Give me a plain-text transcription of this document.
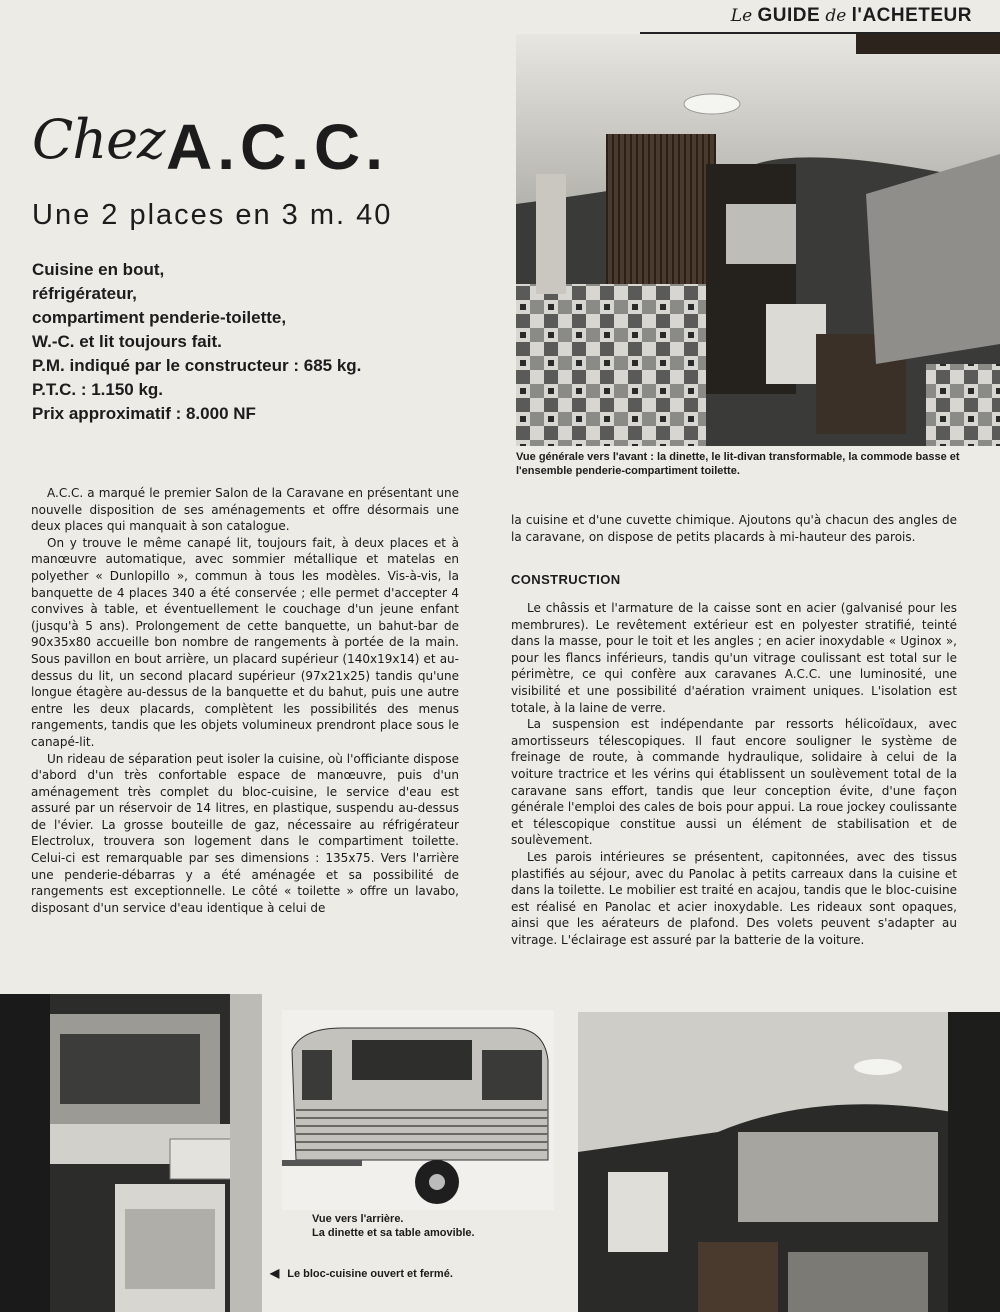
Le GUIDE de l'ACHETEUR
Chez A.C.C.
Une 2 places en 3 m. 40
Cuisine en bout,
réfrigérateur,
compartiment penderie-toilette,
W.-C. et lit toujours fait.
P.M. indiqué par le constructeur : 685 kg.
P.T.C. : 1.150 kg.
Prix approximatif : 8.000 NF
Vue générale vers l'avant : la dinette, le lit-divan transformable, la commode basse et l'ensemble penderie-compartiment toilette.

A.C.C. a marqué le premier Salon de la Caravane en présentant une nouvelle disposition de ses aménagements et offre désormais une deux places qui manquait à son catalogue.

On y trouve le même canapé lit, toujours fait, à deux places et à manœuvre automatique, avec sommier métallique et matelas en polyether « Dunlopillo », commun à tous les modèles. Vis-à-vis, la banquette de 4 places 340 a été conservée ; elle permet d'accepter 4 convives à table, et éventuellement le couchage d'un jeune enfant (jusqu'à 5 ans). Prolongement de cette banquette, un bahut-bar de 90x35x80 accueille bon nombre de rangements à portée de la main. Sous pavillon en bout arrière, un placard supérieur (140x19x14) et au-dessus du lit, un second placard supérieur (97x21x25) tandis qu'une longue étagère au-dessus de la banquette et du bahut, puis une autre entre les deux placards, complètent les possibilités des menus rangements, tandis que les objets volumineux prendront place sous le canapé-lit.

Un rideau de séparation peut isoler la cuisine, où l'officiante dispose d'abord d'un très confortable espace de manœuvre, puis d'un aménagement très complet du bloc-cuisine, le service d'eau est assuré par un réservoir de 14 litres, en plastique, suspendu au-dessus de l'évier. La grosse bouteille de gaz, nécessaire au réfrigérateur Electrolux, trouvera son logement dans le compartiment toilette. Celui-ci est remarquable par ses dimensions : 135x75. Vers l'arrière une penderie-débarras y a été aménagée et sa possibilité de rangements est exceptionnelle. Le côté « toilette » offre un lavabo, disposant d'un service d'eau identique à celui de

la cuisine et d'une cuvette chimique. Ajoutons qu'à chacun des angles de la caravane, on dispose de petits placards à mi-hauteur des parois.

CONSTRUCTION

Le châssis et l'armature de la caisse sont en acier (galvanisé pour les membrures). Le revêtement extérieur est en polyester stratifié, teinté dans la masse, pour le toit et les angles ; en acier inoxydable « Uginox », pour les flancs inférieurs, tandis qu'un vitrage coulissant est total sur le périmètre, ce qui confère aux caravanes A.C.C. une luminosité, une visibilité et une possibilité d'aération vraiment uniques. L'isolation est totale, à la laine de verre.

La suspension est indépendante par ressorts hélicoïdaux, avec amortisseurs télescopiques. Il faut encore souligner le système de freinage de route, à commande hydraulique, solidaire à celui de la voiture tractrice et les vérins qui établissent un soulèvement total de la caravane sans effort, tandis que leur conception évite, d'une façon générale l'emploi des cales de bois pour appui. La roue jockey coulissante et télescopique constitue aussi un élément de stabilisation et de soulèvement.

Les parois intérieures se présentent, capitonnées, avec des tissus plastifiés au séjour, avec du Panolac à petits carreaux dans la cuisine et dans la toilette. Le mobilier est traité en acajou, tandis que le bloc-cuisine est réalisé en Panolac et acier inoxydable. Les rideaux sont opaques, ainsi que les aérateurs de plafond. Des volets peuvent s'adapter au vitrage. L'éclairage est assuré par la batterie de la voiture.

Vue vers l'arrière.
La dinette et sa table amovible.
◀ Le bloc-cuisine ouvert et fermé.
